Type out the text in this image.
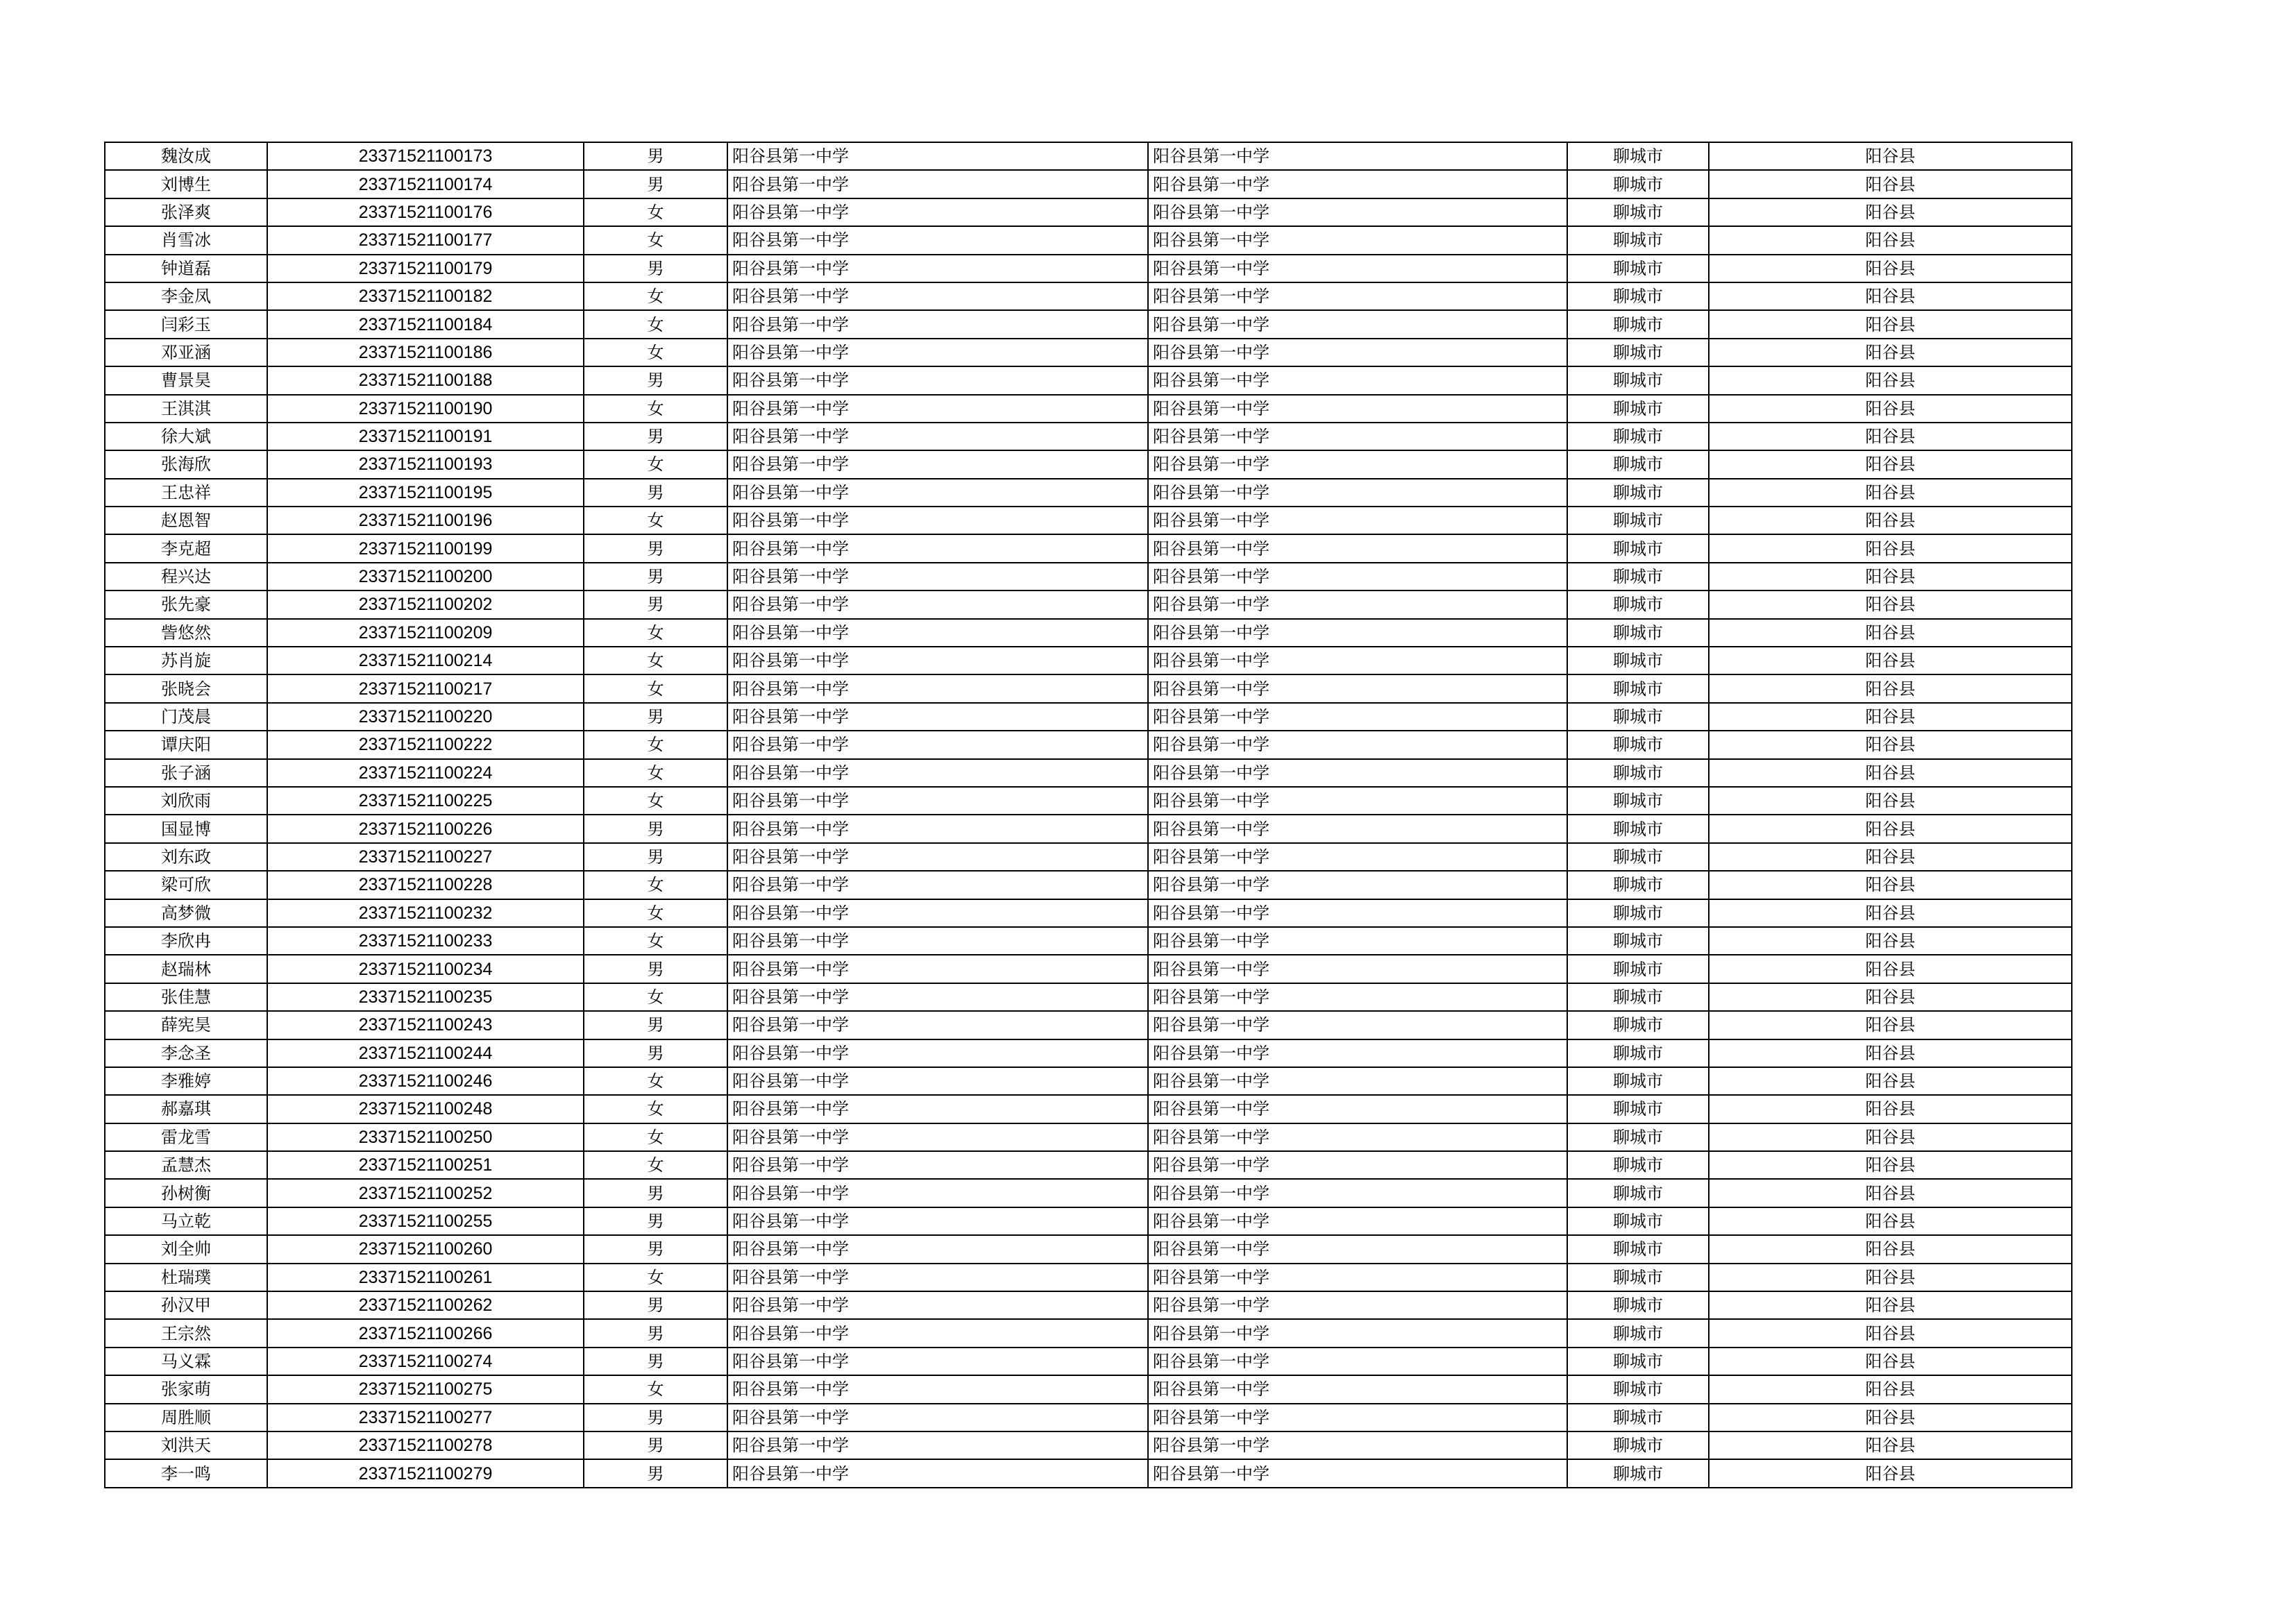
魏汝成	23371521100173	男	阳谷县第一中学	阳谷县第一中学	聊城市	阳谷县
刘博生	23371521100174	男	阳谷县第一中学	阳谷县第一中学	聊城市	阳谷县
张泽爽	23371521100176	女	阳谷县第一中学	阳谷县第一中学	聊城市	阳谷县
肖雪冰	23371521100177	女	阳谷县第一中学	阳谷县第一中学	聊城市	阳谷县
钟道磊	23371521100179	男	阳谷县第一中学	阳谷县第一中学	聊城市	阳谷县
李金凤	23371521100182	女	阳谷县第一中学	阳谷县第一中学	聊城市	阳谷县
闫彩玉	23371521100184	女	阳谷县第一中学	阳谷县第一中学	聊城市	阳谷县
邓亚涵	23371521100186	女	阳谷县第一中学	阳谷县第一中学	聊城市	阳谷县
曹景昊	23371521100188	男	阳谷县第一中学	阳谷县第一中学	聊城市	阳谷县
王淇淇	23371521100190	女	阳谷县第一中学	阳谷县第一中学	聊城市	阳谷县
徐大斌	23371521100191	男	阳谷县第一中学	阳谷县第一中学	聊城市	阳谷县
张海欣	23371521100193	女	阳谷县第一中学	阳谷县第一中学	聊城市	阳谷县
王忠祥	23371521100195	男	阳谷县第一中学	阳谷县第一中学	聊城市	阳谷县
赵恩智	23371521100196	女	阳谷县第一中学	阳谷县第一中学	聊城市	阳谷县
李克超	23371521100199	男	阳谷县第一中学	阳谷县第一中学	聊城市	阳谷县
程兴达	23371521100200	男	阳谷县第一中学	阳谷县第一中学	聊城市	阳谷县
张先豪	23371521100202	男	阳谷县第一中学	阳谷县第一中学	聊城市	阳谷县
訾悠然	23371521100209	女	阳谷县第一中学	阳谷县第一中学	聊城市	阳谷县
苏肖旋	23371521100214	女	阳谷县第一中学	阳谷县第一中学	聊城市	阳谷县
张晓会	23371521100217	女	阳谷县第一中学	阳谷县第一中学	聊城市	阳谷县
门茂晨	23371521100220	男	阳谷县第一中学	阳谷县第一中学	聊城市	阳谷县
谭庆阳	23371521100222	女	阳谷县第一中学	阳谷县第一中学	聊城市	阳谷县
张子涵	23371521100224	女	阳谷县第一中学	阳谷县第一中学	聊城市	阳谷县
刘欣雨	23371521100225	女	阳谷县第一中学	阳谷县第一中学	聊城市	阳谷县
国显博	23371521100226	男	阳谷县第一中学	阳谷县第一中学	聊城市	阳谷县
刘东政	23371521100227	男	阳谷县第一中学	阳谷县第一中学	聊城市	阳谷县
梁可欣	23371521100228	女	阳谷县第一中学	阳谷县第一中学	聊城市	阳谷县
高梦微	23371521100232	女	阳谷县第一中学	阳谷县第一中学	聊城市	阳谷县
李欣冉	23371521100233	女	阳谷县第一中学	阳谷县第一中学	聊城市	阳谷县
赵瑞林	23371521100234	男	阳谷县第一中学	阳谷县第一中学	聊城市	阳谷县
张佳慧	23371521100235	女	阳谷县第一中学	阳谷县第一中学	聊城市	阳谷县
薛宪昊	23371521100243	男	阳谷县第一中学	阳谷县第一中学	聊城市	阳谷县
李念圣	23371521100244	男	阳谷县第一中学	阳谷县第一中学	聊城市	阳谷县
李雅婷	23371521100246	女	阳谷县第一中学	阳谷县第一中学	聊城市	阳谷县
郝嘉琪	23371521100248	女	阳谷县第一中学	阳谷县第一中学	聊城市	阳谷县
雷龙雪	23371521100250	女	阳谷县第一中学	阳谷县第一中学	聊城市	阳谷县
孟慧杰	23371521100251	女	阳谷县第一中学	阳谷县第一中学	聊城市	阳谷县
孙树衡	23371521100252	男	阳谷县第一中学	阳谷县第一中学	聊城市	阳谷县
马立乾	23371521100255	男	阳谷县第一中学	阳谷县第一中学	聊城市	阳谷县
刘全帅	23371521100260	男	阳谷县第一中学	阳谷县第一中学	聊城市	阳谷县
杜瑞璞	23371521100261	女	阳谷县第一中学	阳谷县第一中学	聊城市	阳谷县
孙汉甲	23371521100262	男	阳谷县第一中学	阳谷县第一中学	聊城市	阳谷县
王宗然	23371521100266	男	阳谷县第一中学	阳谷县第一中学	聊城市	阳谷县
马义霖	23371521100274	男	阳谷县第一中学	阳谷县第一中学	聊城市	阳谷县
张家萌	23371521100275	女	阳谷县第一中学	阳谷县第一中学	聊城市	阳谷县
周胜顺	23371521100277	男	阳谷县第一中学	阳谷县第一中学	聊城市	阳谷县
刘洪天	23371521100278	男	阳谷县第一中学	阳谷县第一中学	聊城市	阳谷县
李一鸣	23371521100279	男	阳谷县第一中学	阳谷县第一中学	聊城市	阳谷县
